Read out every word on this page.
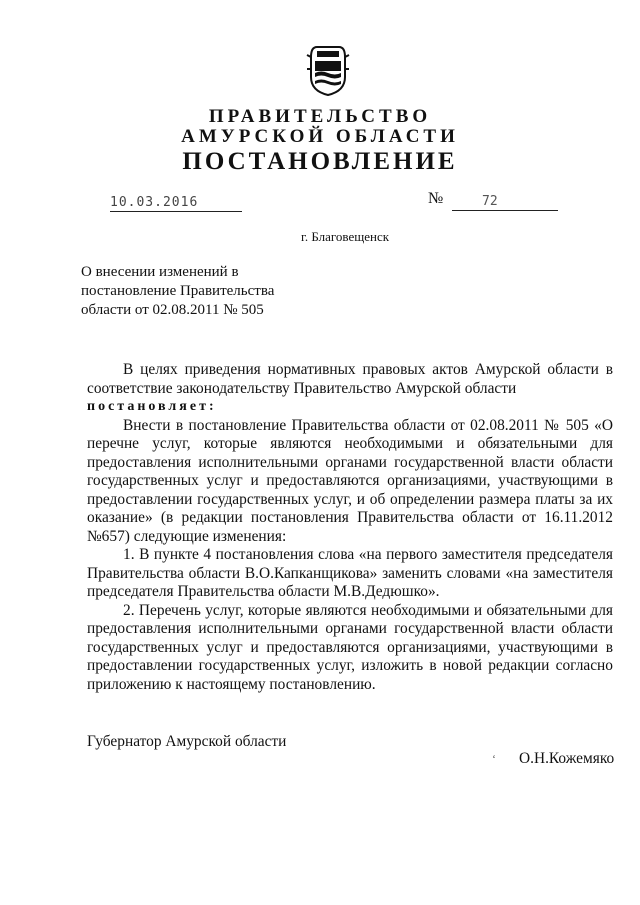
ПРАВИТЕЛЬСТВО
АМУРСКОЙ ОБЛАСТИ
ПОСТАНОВЛЕНИЕ
10.03.2016	№	72
г. Благовещенск
О внесении изменений в
постановление Правительства
области от 02.08.2011 № 505

В целях приведения нормативных правовых актов Амурской области в соответствие законодательству Правительство Амурской области

постановляет:

Внести в постановление Правительства области от 02.08.2011 № 505 «О перечне услуг, которые являются необходимыми и обязательными для предоставления исполнительными органами государственной власти области государственных услуг и предоставляются организациями, участвующими в предоставлении государственных услуг, и об определении размера платы за их оказание» (в редакции постановления Правительства области от 16.11.2012 №657) следующие изменения:

1. В пункте 4 постановления слова «на первого заместителя председателя Правительства области В.О.Капканщикова» заменить словами «на заместителя председателя Правительства области М.В.Дедюшко».

2. Перечень услуг, которые являются необходимыми и обязательными для предоставления исполнительными органами государственной власти области государственных услуг и предоставляются организациями, участвующими в предоставлении государственных услуг, изложить в новой редакции согласно приложению к настоящему постановлению.

Губернатор Амурской области
ʻ О.Н.Кожемяко
